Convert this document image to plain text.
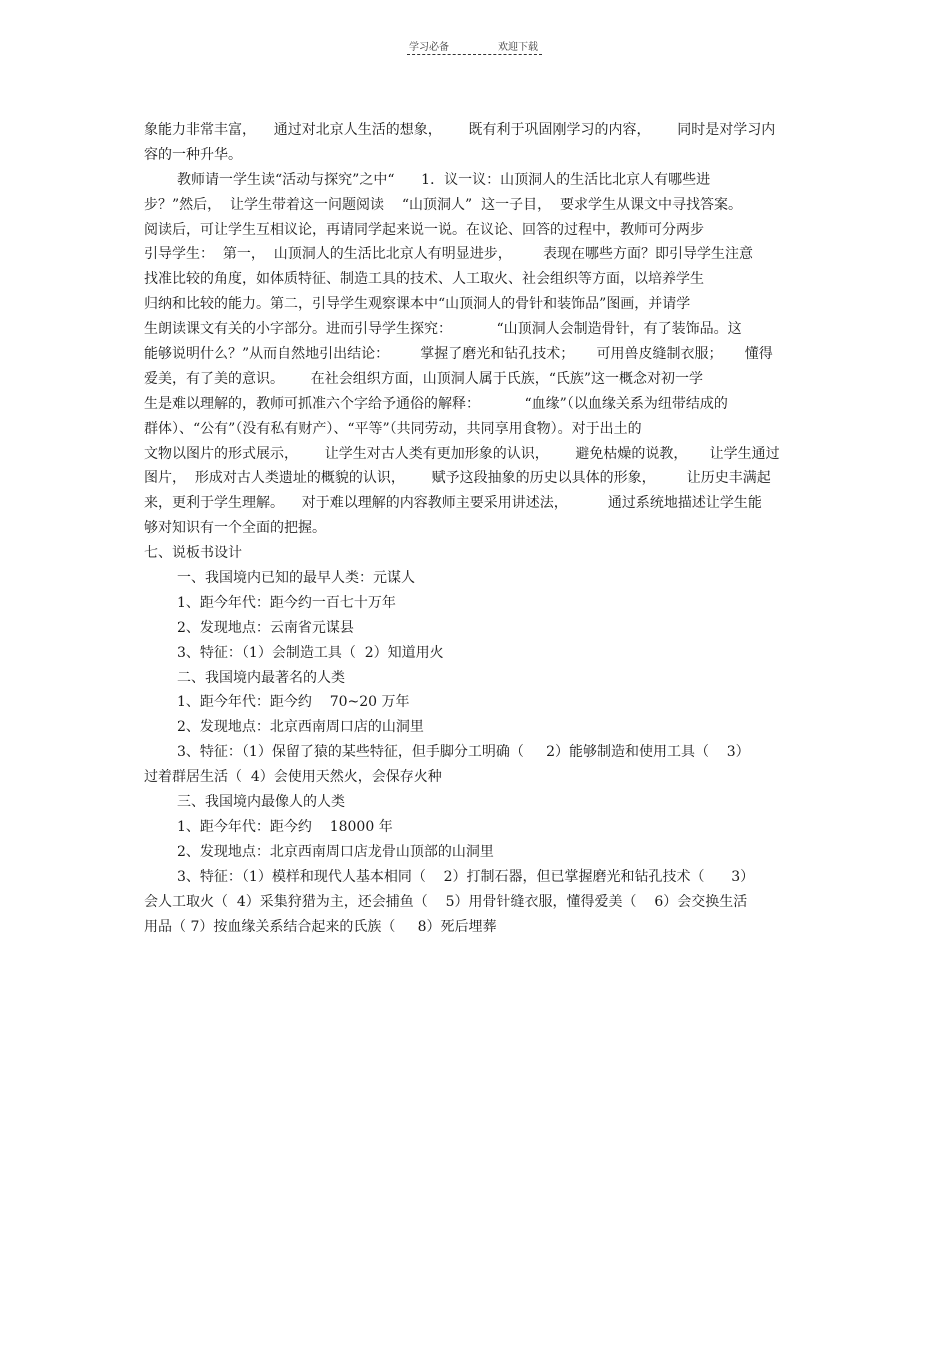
学习必备	欢迎下载
象能力非常丰富，    通过对北京人生活的想象，      既有利于巩固刚学习的内容，      同时是对学习内
容的一种升华。
教师请一学生读“活动与探究”之中“      1．议一议：山顶洞人的生活比北京人有哪些进
步？”然后，  让学生带着这一问题阅读    “山顶洞人”  这一子目，  要求学生从课文中寻找答案。
阅读后，可让学生互相议论，再请同学起来说一说。在议论、回答的过程中，教师可分两步
引导学生：  第一，  山顶洞人的生活比北京人有明显进步，       表现在哪些方面？即引导学生注意
找准比较的角度，如体质特征、制造工具的技术、人工取火、社会组织等方面，以培养学生
归纳和比较的能力。第二，引导学生观察课本中“山顶洞人的骨针和装饰品”图画，并请学
生朗读课文有关的小字部分。进而引导学生探究：          “山顶洞人会制造骨针，有了装饰品。这
能够说明什么？”从而自然地引出结论：       掌握了磨光和钻孔技术；     可用兽皮缝制衣服；     懂得
爱美，有了美的意识。      在社会组织方面，山顶洞人属于氏族，“氏族”这一概念对初一学
生是难以理解的，教师可抓准六个字给予通俗的解释：          “血缘”（以血缘关系为纽带结成的
群体）、“公有”（没有私有财产）、“平等”（共同劳动，共同享用食物）。对于出土的
文物以图片的形式展示，      让学生对古人类有更加形象的认识，      避免枯燥的说教，     让学生通过
图片，  形成对古人类遗址的概貌的认识，      赋予这段抽象的历史以具体的形象，       让历史丰满起
来，更利于学生理解。    对于难以理解的内容教师主要采用讲述法，         通过系统地描述让学生能
够对知识有一个全面的把握。
七、说板书设计
一、我国境内已知的最早人类：元谋人
1、距今年代：距今约一百七十万年
2、发现地点：云南省元谋县
3、特征：（1）会制造工具（  2）知道用火
二、我国境内最著名的人类
1、距今年代：距今约    70~20 万年
2、发现地点：北京西南周口店的山洞里
3、特征：（1）保留了猿的某些特征，但手脚分工明确（     2）能够制造和使用工具（    3）
过着群居生活（  4）会使用天然火，会保存火种
三、我国境内最像人的人类
1、距今年代：距今约    18000 年
2、发现地点：北京西南周口店龙骨山顶部的山洞里
3、特征：（1）模样和现代人基本相同（    2）打制石器，但已掌握磨光和钻孔技术（      3）
会人工取火（  4）采集狩猎为主，还会捕鱼（    5）用骨针缝衣服，懂得爱美（    6）会交换生活
用品（ 7）按血缘关系结合起来的氏族（     8）死后埋葬
